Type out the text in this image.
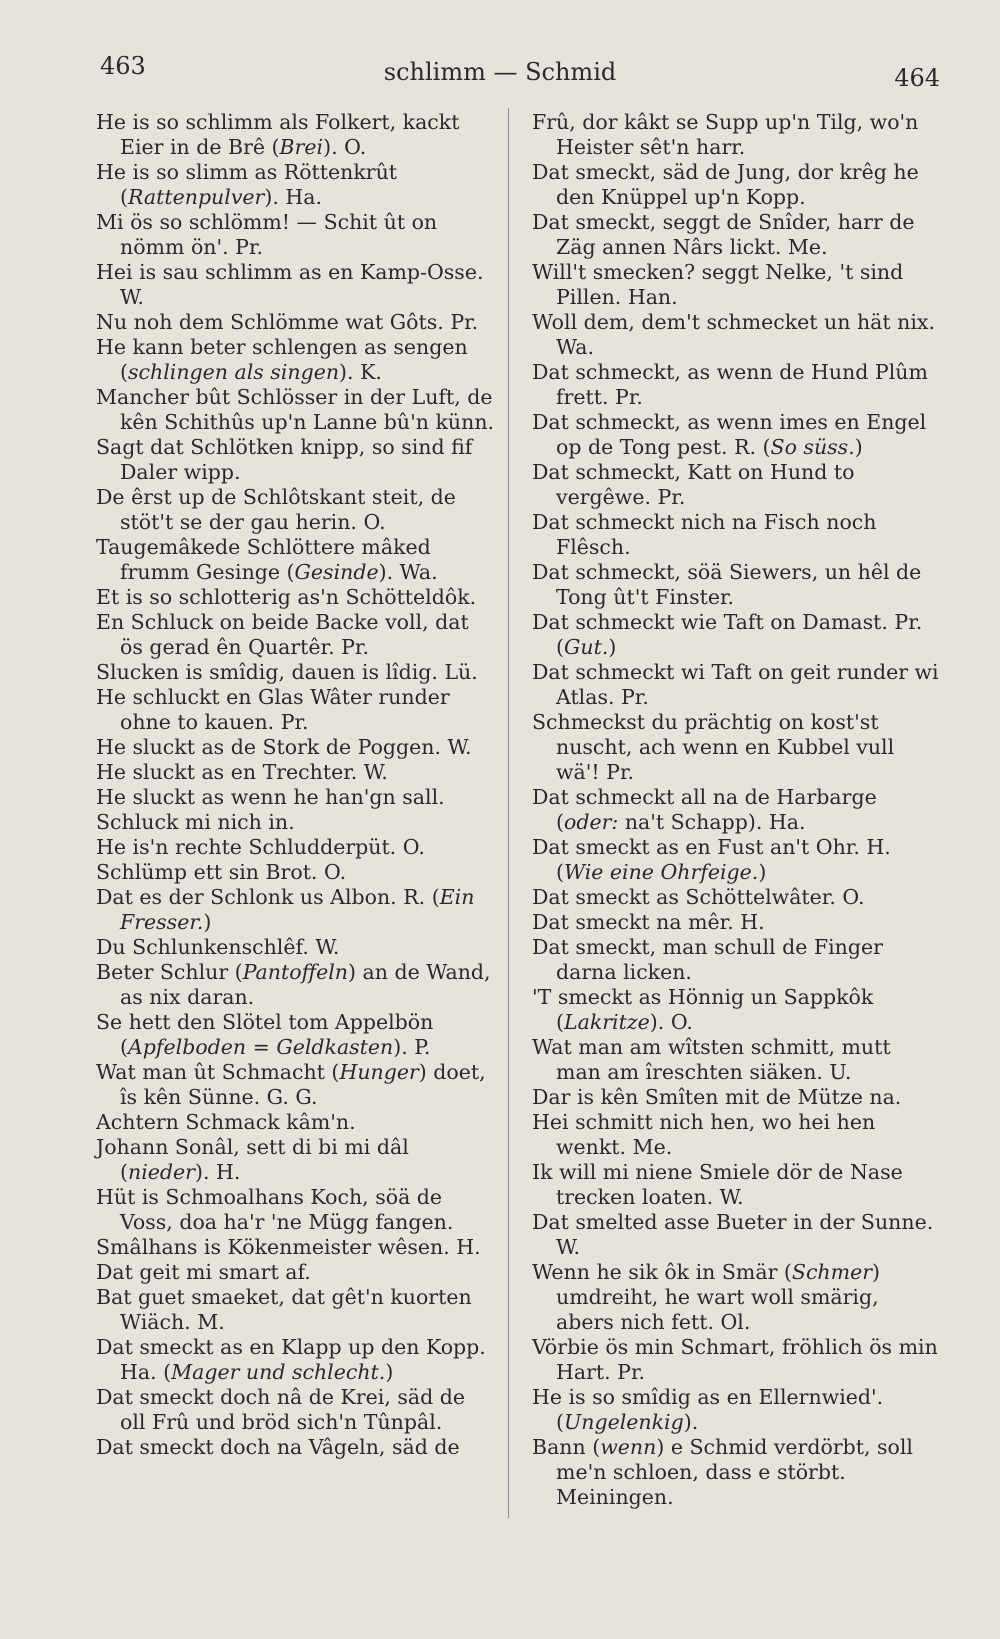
463	schlimm — Schmid	464
He is so schlimm als Folkert, kackt Eier in de Brê (Brei). O.
He is so slimm as Röttenkrût (Rattenpulver). Ha.
Mi ös so schlömm! — Schit ût on nömm ön'. Pr.
Hei is sau schlimm as en Kamp-Osse. W.
Nu noh dem Schlömme wat Gôts. Pr.
He kann beter schlengen as sengen (schlingen als singen). K.
Mancher bût Schlösser in der Luft, de kên Schithûs up'n Lanne bû'n künn.
Sagt dat Schlötken knipp, so sind fif Daler wipp.
De êrst up de Schlôtskant steit, de stöt't se der gau herin. O.
Taugemâkede Schlöttere mâked frumm Gesinge (Gesinde). Wa.
Et is so schlotterig as'n Schötteldôk.
En Schluck on beide Backe voll, dat ös gerad ên Quartêr. Pr.
Slucken is smîdig, dauen is lîdig. Lü.
He schluckt en Glas Wâter runder ohne to kauen. Pr.
He sluckt as de Stork de Poggen. W.
He sluckt as en Trechter. W.
He sluckt as wenn he han'gn sall.
Schluck mi nich in.
He is'n rechte Schludderpüt. O.
Schlümp ett sin Brot. O.
Dat es der Schlonk us Albon. R. (Ein Fresser.)
Du Schlunkenschlêf. W.
Beter Schlur (Pantoffeln) an de Wand, as nix daran.
Se hett den Slötel tom Appelbön (Apfelboden = Geldkasten). P.
Wat man ût Schmacht (Hunger) doet, îs kên Sünne. G. G.
Achtern Schmack kâm'n.
Johann Sonâl, sett di bi mi dâl (nieder). H.
Hüt is Schmoalhans Koch, söä de Voss, doa ha'r 'ne Mügg fangen.
Smâlhans is Kökenmeister wêsen. H.
Dat geit mi smart af.
Bat guet smaeket, dat gêt'n kuorten Wiäch. M.
Dat smeckt as en Klapp up den Kopp. Ha. (Mager und schlecht.)
Dat smeckt doch nâ de Krei, säd de oll Frû und bröd sich'n Tûnpâl.
Dat smeckt doch na Vâgeln, säd de
Frû, dor kâkt se Supp up'n Tilg, wo'n Heister sêt'n harr.
Dat smeckt, säd de Jung, dor krêg he den Knüppel up'n Kopp.
Dat smeckt, seggt de Snîder, harr de Zäg annen Nârs lickt. Me.
Will't smecken? seggt Nelke, 't sind Pillen. Han.
Woll dem, dem't schmecket un hät nix. Wa.
Dat schmeckt, as wenn de Hund Plûm frett. Pr.
Dat schmeckt, as wenn imes en Engel op de Tong pest. R. (So süss.)
Dat schmeckt, Katt on Hund to vergêwe. Pr.
Dat schmeckt nich na Fisch noch Flêsch.
Dat schmeckt, söä Siewers, un hêl de Tong ût't Finster.
Dat schmeckt wie Taft on Damast. Pr. (Gut.)
Dat schmeckt wi Taft on geit runder wi Atlas. Pr.
Schmeckst du prächtig on kost'st nuscht, ach wenn en Kubbel vull wä'! Pr.
Dat schmeckt all na de Harbarge (oder: na't Schapp). Ha.
Dat smeckt as en Fust an't Ohr. H. (Wie eine Ohrfeige.)
Dat smeckt as Schöttelwâter. O.
Dat smeckt na mêr. H.
Dat smeckt, man schull de Finger darna licken.
'T smeckt as Hönnig un Sappkôk (Lakritze). O.
Wat man am wîtsten schmitt, mutt man am îreschten siäken. U.
Dar is kên Smîten mit de Mütze na.
Hei schmitt nich hen, wo hei hen wenkt. Me.
Ik will mi niene Smiele dör de Nase trecken loaten. W.
Dat smelted asse Bueter in der Sunne. W.
Wenn he sik ôk in Smär (Schmer) umdreiht, he wart woll smärig, abers nich fett. Ol.
Vörbie ös min Schmart, fröhlich ös min Hart. Pr.
He is so smîdig as en Ellernwied'. (Ungelenkig).
Bann (wenn) e Schmid verdörbt, soll me'n schloen, dass e störbt. Meiningen.
